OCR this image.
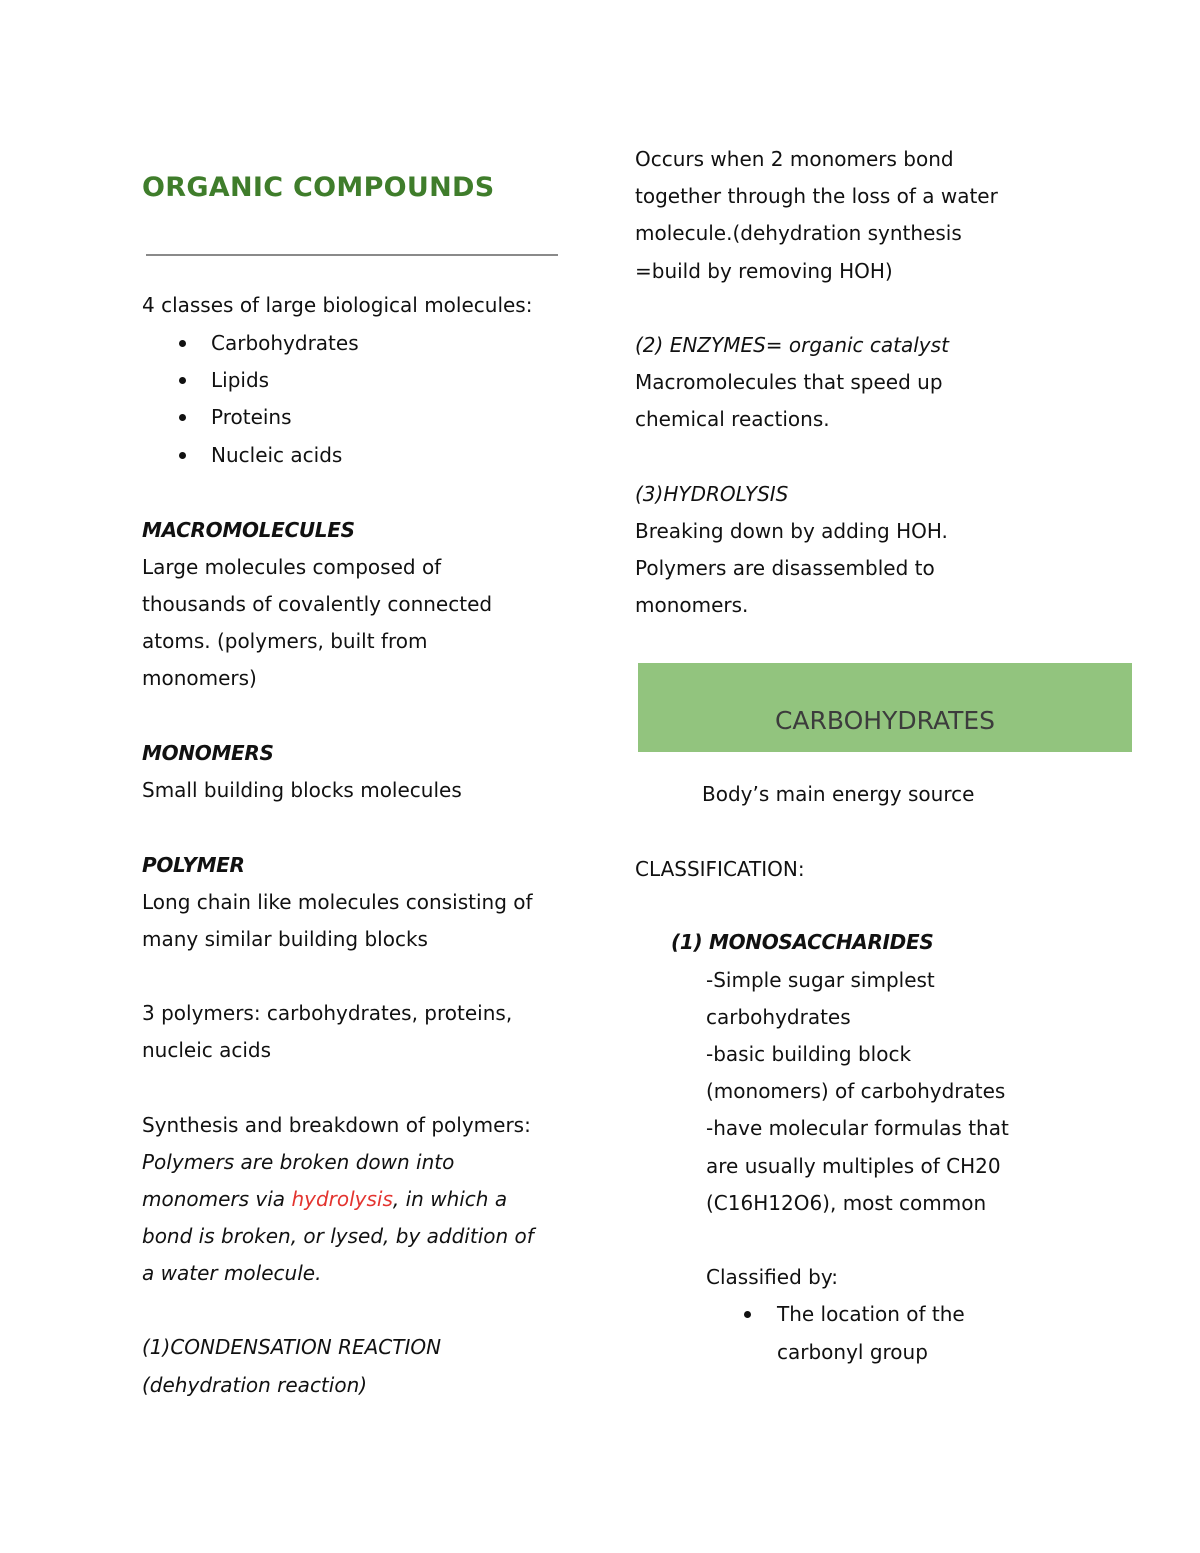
ORGANIC COMPOUNDS
4 classes of large biological molecules:
Carbohydrates
Lipids
Proteins
Nucleic acids
MACROMOLECULES
Large molecules composed of
thousands of covalently connected
atoms. (polymers, built from
monomers)
MONOMERS
Small building blocks molecules
POLYMER
Long chain like molecules consisting of
many similar building blocks
3 polymers: carbohydrates, proteins,
nucleic acids
Synthesis and breakdown of polymers:
Polymers are broken down into
monomers via hydrolysis, in which a
bond is broken, or lysed, by addition of
a water molecule.
(1)CONDENSATION REACTION
(dehydration reaction)
Occurs when 2 monomers bond
together through the loss of a water
molecule.(dehydration synthesis
=build by removing HOH)
(2) ENZYMES= organic catalyst
Macromolecules that speed up
chemical reactions.
(3)HYDROLYSIS
Breaking down by adding HOH.
Polymers are disassembled to
monomers.
Body’s main energy source
CLASSIFICATION:
(1) MONOSACCHARIDES
-Simple sugar simplest
carbohydrates
-basic building block
(monomers) of carbohydrates
-have molecular formulas that
are usually multiples of CH20
(C16H12O6), most common
Classified by:
The location of the
carbonyl group
CARBOHYDRATES
